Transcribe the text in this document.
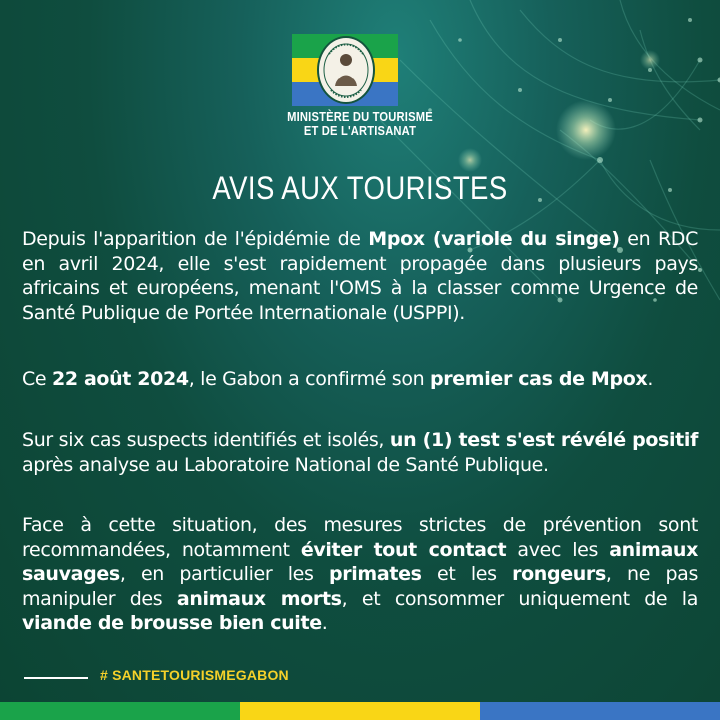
MINISTÈRE DU TOURISME
ET DE L'ARTISANAT
AVIS AUX TOURISTES

Depuis l'apparition de l'épidémie de Mpox (variole du singe) en RDC en avril 2024, elle s'est rapidement propagée dans plusieurs pays africains et européens, menant l'OMS à la classer comme Urgence de Santé Publique de Portée Internationale (USPPI).

Ce 22 août 2024, le Gabon a confirmé son premier cas de Mpox.

Sur six cas suspects identifiés et isolés, un (1) test s'est révélé positif après analyse au Laboratoire National de Santé Publique.

Face à cette situation, des mesures strictes de prévention sont recommandées, notamment éviter tout contact avec les animaux sauvages, en particulier les primates et les rongeurs, ne pas manipuler des animaux morts, et consommer uniquement de la viande de brousse bien cuite.

# SANTETOURISMEGABON
